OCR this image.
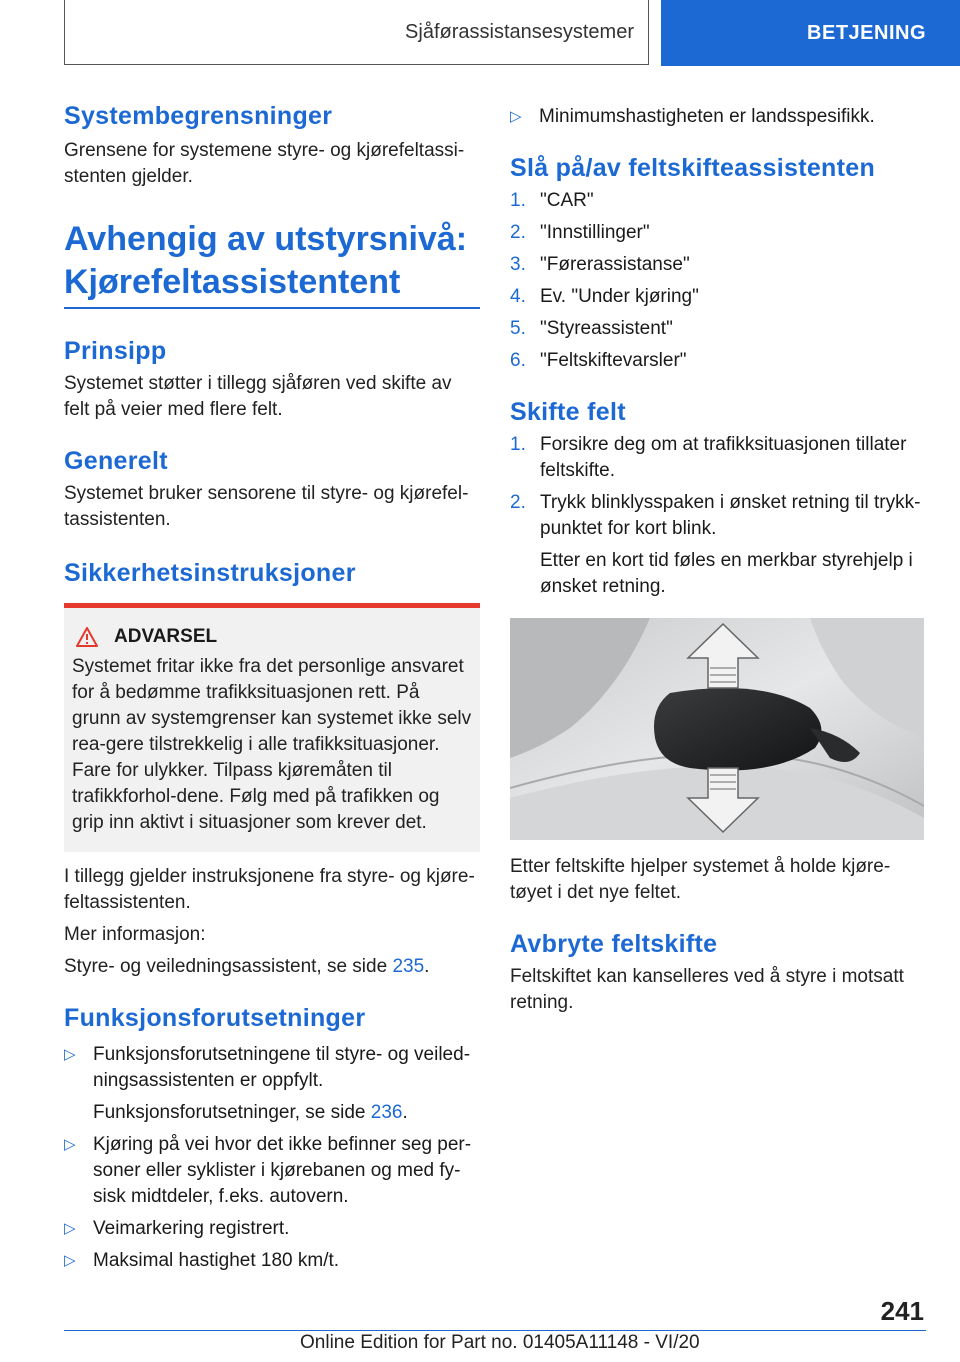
Sjåførassistansesystemer	BETJENING
Systembegrensninger

Grensene for systemene styre- og kjørefeltassi-stenten gjelder.

Avhengig av utstyrsnivå:
Kjørefeltassistentent
Prinsipp

Systemet støtter i tillegg sjåføren ved skifte av felt på veier med flere felt.

Generelt

Systemet bruker sensorene til styre- og kjørefel-tassistenten.

Sikkerhetsinstruksjoner
ADVARSEL

Systemet fritar ikke fra det personlige ansvaret for å bedømme trafikksituasjonen rett. På grunn av systemgrenser kan systemet ikke selv rea-gere tilstrekkelig i alle trafikksituasjoner. Fare for ulykker. Tilpass kjøremåten til trafikkforhol-dene. Følg med på trafikken og grip inn aktivt i situasjoner som krever det.

I tillegg gjelder instruksjonene fra styre- og kjøre-feltassistenten.

Mer informasjon:

Styre- og veiledningsassistent, se side 235.

Funksjonsforutsetninger
▷ Funksjonsforutsetningene til styre- og veiled-ningsassistenten er oppfylt.
Funksjonsforutsetninger, se side 236.
▷ Kjøring på vei hvor det ikke befinner seg per-soner eller syklister i kjørebanen og med fy-sisk midtdeler, f.eks. autovern.
▷ Veimarkering registrert.
▷ Maksimal hastighet 180 km/t.
▷ Minimumshastigheten er landsspesifikk.
Slå på/av feltskifteassistenten
1. "CAR"
2. "Innstillinger"
3. "Førerassistanse"
4. Ev. "Under kjøring"
5. "Styreassistent"
6. "Feltskiftevarsler"
Skifte felt
1. Forsikre deg om at trafikksituasjonen tillater feltskifte.
2. Trykk blinklysspaken i ønsket retning til trykk-punktet for kort blink.
Etter en kort tid føles en merkbar styrehjelp i ønsket retning.

Etter feltskifte hjelper systemet å holde kjøre-tøyet i det nye feltet.

Avbryte feltskifte

Feltskiftet kan kanselleres ved å styre i motsatt retning.

241
Online Edition for Part no. 01405A11148 - VI/20
